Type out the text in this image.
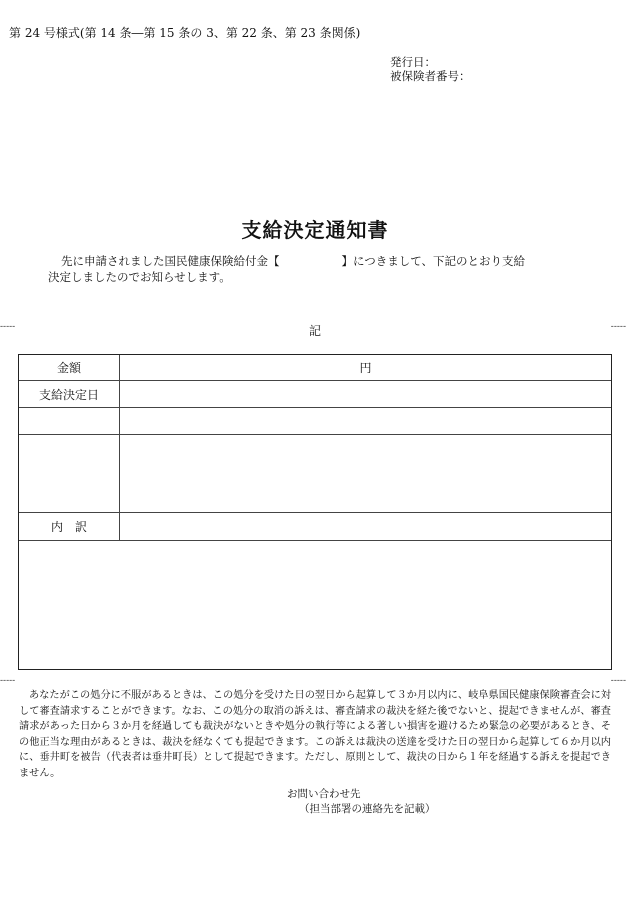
第 24 号様式(第 14 条―第 15 条の 3、第 22 条、第 23 条関係)
発行日：
被保険者番号：
支給決定通知書
先に申請されました国民健康保険給付金【	】につきまして、下記のとおり支給
決定しましたのでお知らせします。
-----	-----
記
金額	円
支給決定日
内　訳
-----	-----

あなたがこの処分に不服があるときは、この処分を受けた日の翌日から起算して３か月以内に、岐阜県国民健康保険審査会に対して審査請求することができます。なお、この処分の取消の訴えは、審査請求の裁決を経た後でないと、提起できませんが、審査請求があった日から３か月を経過しても裁決がないときや処分の執行等による著しい損害を避けるため緊急の必要があるとき、その他正当な理由があるときは、裁決を経なくても提起できます。この訴えは裁決の送達を受けた日の翌日から起算して６か月以内に、垂井町を被告（代表者は垂井町長）として提起できます。ただし、原則として、裁決の日から１年を経過する訴えを提起できません。

お問い合わせ先
（担当部署の連絡先を記載）
